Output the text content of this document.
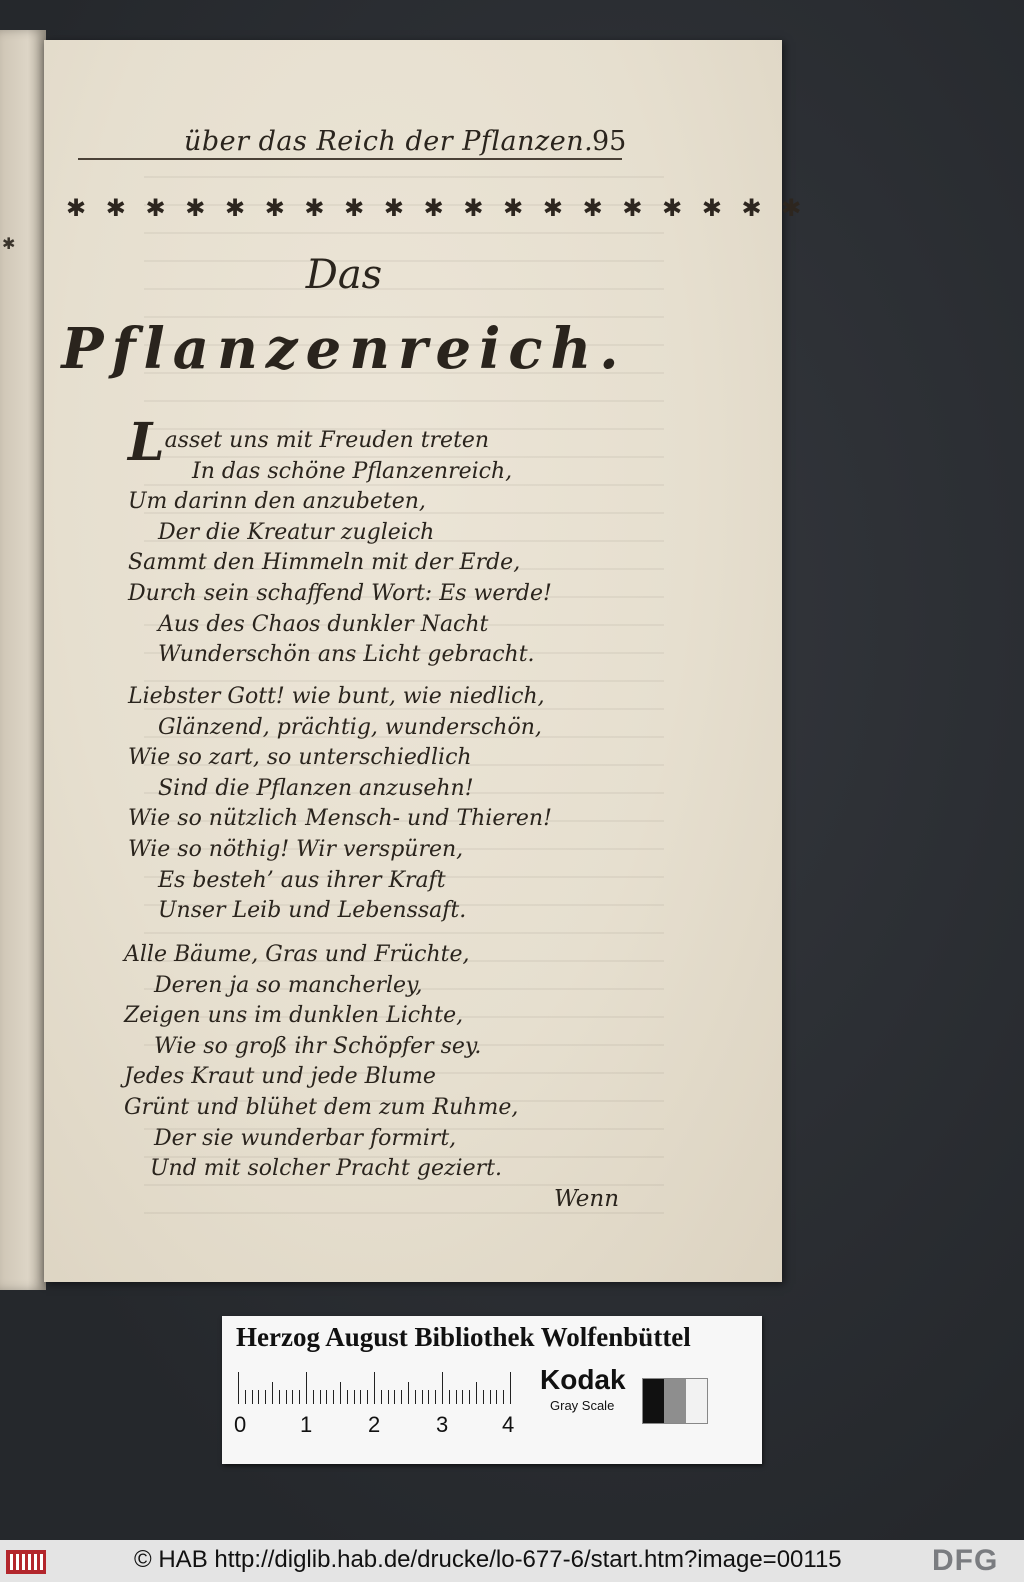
✱
über das Reich der Pflanzen.
95
✱ ✱ ✱ ✱ ✱ ✱ ✱ ✱ ✱ ✱ ✱ ✱ ✱ ✱ ✱ ✱ ✱ ✱ ✱
Das
Pflanzenreich.
Lasset uns mit Freuden treten
In das schöne Pflanzenreich,
Um darinn den anzubeten,
Der die Kreatur zugleich
Sammt den Himmeln mit der Erde,
Durch sein schaffend Wort: Es werde!
Aus des Chaos dunkler Nacht
Wunderschön ans Licht gebracht.
Liebster Gott! wie bunt, wie niedlich,
Glänzend, prächtig, wunderschön,
Wie so zart, so unterschiedlich
Sind die Pflanzen anzusehn!
Wie so nützlich Mensch- und Thieren!
Wie so nöthig! Wir verspüren,
Es besteh’ aus ihrer Kraft
Unser Leib und Lebenssaft.
Alle Bäume, Gras und Früchte,
Deren ja so mancherley,
Zeigen uns im dunklen Lichte,
Wie so groß ihr Schöpfer sey.
Jedes Kraut und jede Blume
Grünt und blühet dem zum Ruhme,
Der sie wunderbar formirt,
Und mit solcher Pracht geziert.
Wenn
Herzog August Bibliothek Wolfenbüttel
0 1	2	3 4
Kodak
Gray Scale
© HAB http://diglib.hab.de/drucke/lo-677-6/start.htm?image=00115	DFG
